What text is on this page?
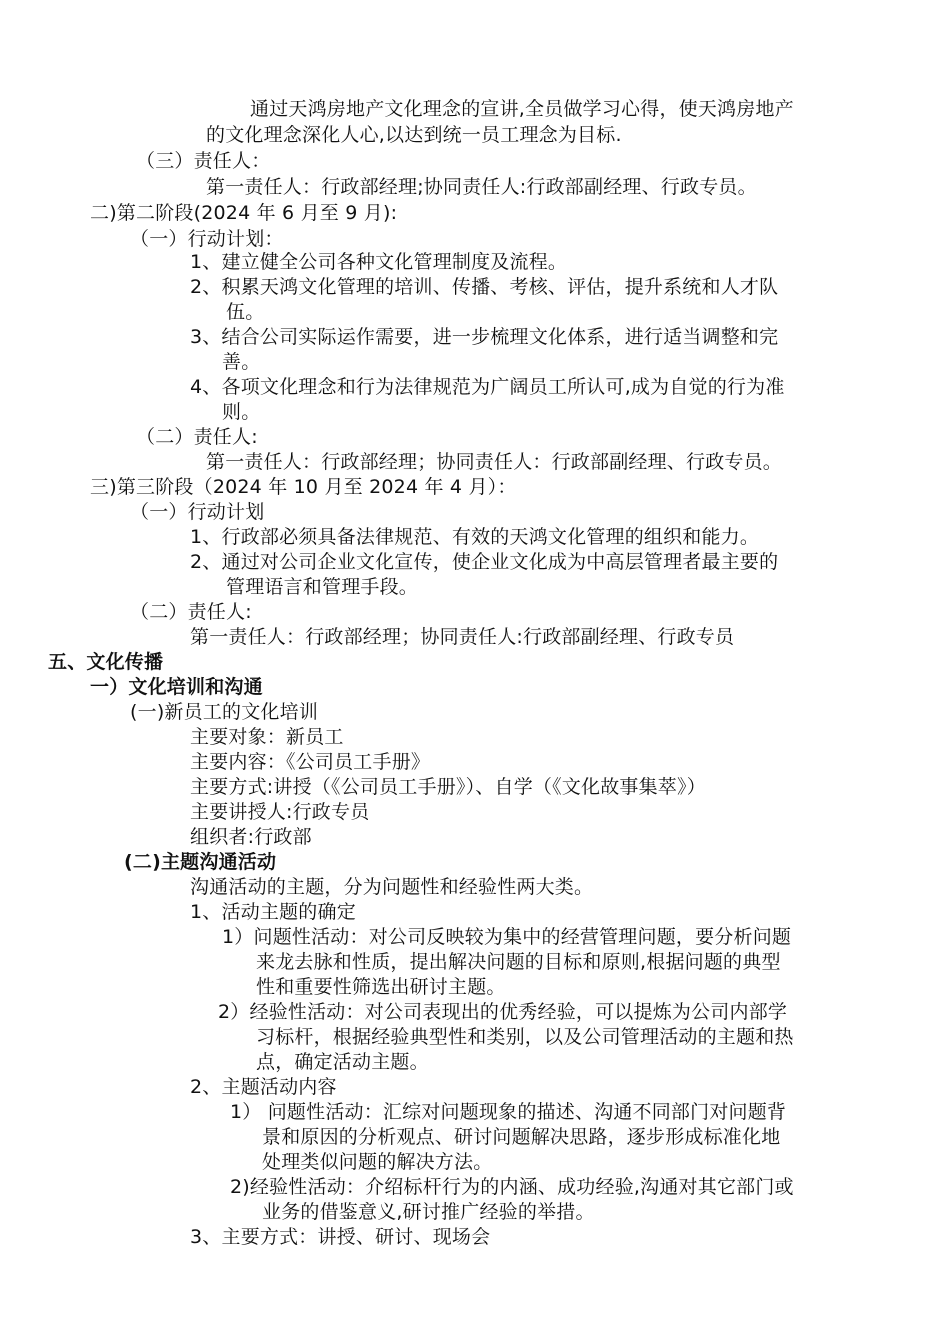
通过天鸿房地产文化理念的宣讲,全员做学习心得，使天鸿房地产
的文化理念深化人心,以达到统一员工理念为目标.
（三）责任人：
第一责任人：行政部经理;协同责任人:行政部副经理、行政专员。
二)第二阶段(2024 年 6 月至 9 月):
（一）行动计划：
1、建立健全公司各种文化管理制度及流程。
2、积累天鸿文化管理的培训、传播、考核、评估，提升系统和人才队
伍。
3、结合公司实际运作需要，进一步梳理文化体系，进行适当调整和完
善。
4、各项文化理念和行为法律规范为广阔员工所认可,成为自觉的行为准
则。
（二）责任人:
第一责任人：行政部经理；协同责任人：行政部副经理、行政专员。
三)第三阶段（2024 年 10 月至 2024 年 4 月）：
（一）行动计划
1、行政部必须具备法律规范、有效的天鸿文化管理的组织和能力。
2、通过对公司企业文化宣传，使企业文化成为中高层管理者最主要的
管理语言和管理手段。
（二）责任人:
第一责任人：行政部经理；协同责任人:行政部副经理、行政专员
五、文化传播
一）文化培训和沟通
(一)新员工的文化培训
主要对象：新员工
主要内容：《公司员工手册》
主要方式:讲授（《公司员工手册》）、自学（《文化故事集萃》）
主要讲授人:行政专员
组织者:行政部
(二)主题沟通活动
沟通活动的主题，分为问题性和经验性两大类。
1、活动主题的确定
1）问题性活动：对公司反映较为集中的经营管理问题，要分析问题
来龙去脉和性质，提出解决问题的目标和原则,根据问题的典型
性和重要性筛选出研讨主题。
2）经验性活动：对公司表现出的优秀经验，可以提炼为公司内部学
习标杆，根据经验典型性和类别，以及公司管理活动的主题和热
点，确定活动主题。
2、主题活动内容
1） 问题性活动：汇综对问题现象的描述、沟通不同部门对问题背
景和原因的分析观点、研讨问题解决思路，逐步形成标准化地
处理类似问题的解决方法。
2)经验性活动：介绍标杆行为的内涵、成功经验,沟通对其它部门或
业务的借鉴意义,研讨推广经验的举措。
3、主要方式：讲授、研讨、现场会
